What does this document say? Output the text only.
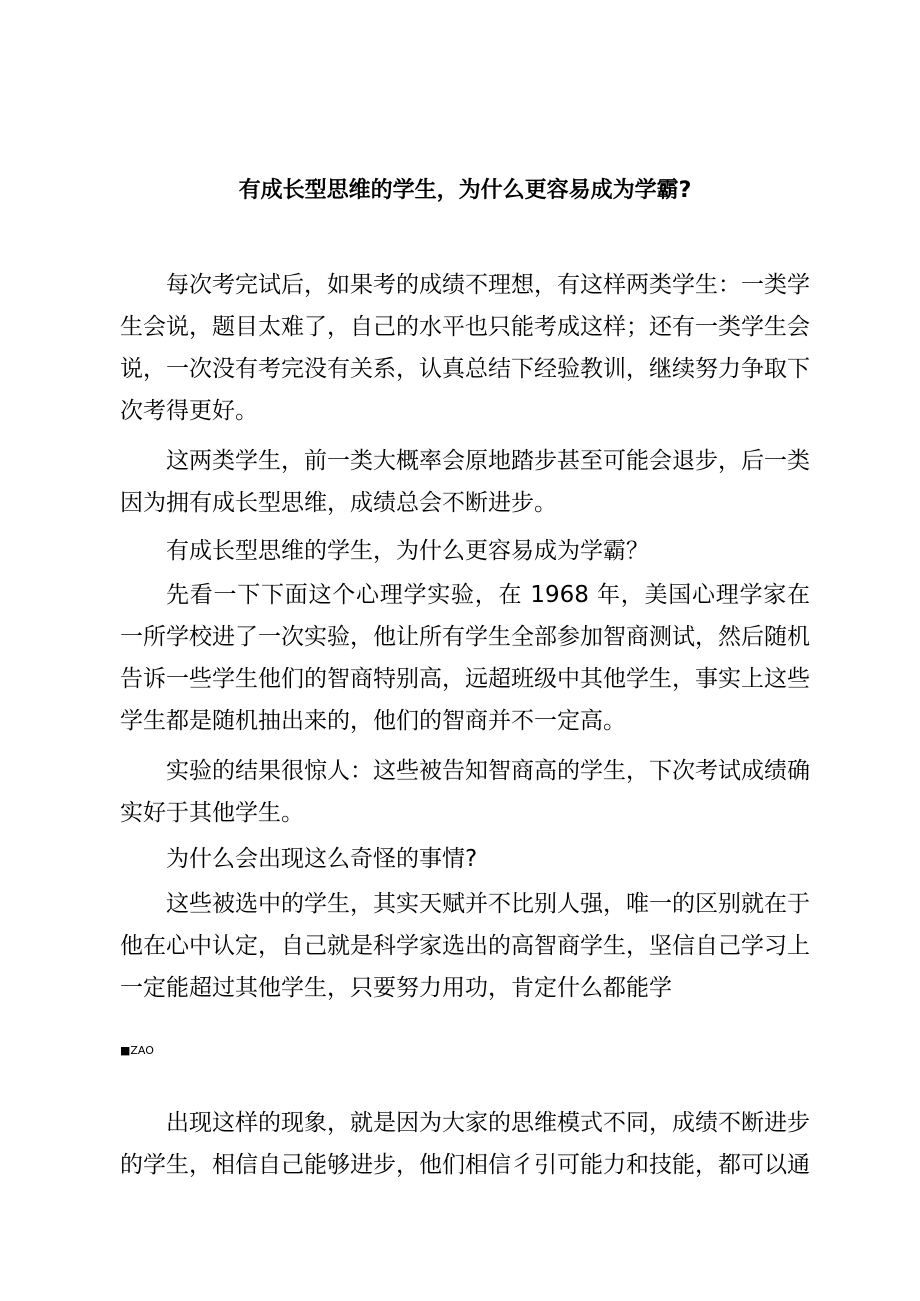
有成长型思维的学生，为什么更容易成为学霸?

每次考完试后，如果考的成绩不理想，有这样两类学生：一类学生会说，题目太难了，自己的水平也只能考成这样；还有一类学生会说，一次没有考完没有关系，认真总结下经验教训，继续努力争取下次考得更好。

这两类学生，前一类大概率会原地踏步甚至可能会退步，后一类因为拥有成长型思维，成绩总会不断进步。

有成长型思维的学生，为什么更容易成为学霸？

先看一下下面这个心理学实验，在 1968 年，美国心理学家在一所学校进了一次实验，他让所有学生全部参加智商测试，然后随机告诉一些学生他们的智商特别高，远超班级中其他学生，事实上这些学生都是随机抽出来的，他们的智商并不一定高。

实验的结果很惊人：这些被告知智商高的学生，下次考试成绩确实好于其他学生。

为什么会出现这么奇怪的事情?

这些被选中的学生，其实天赋并不比别人强，唯一的区别就在于他在心中认定，自己就是科学家选出的高智商学生，坚信自己学习上一定能超过其他学生，只要努力用功，肯定什么都能学

■ZAO

出现这样的现象，就是因为大家的思维模式不同，成绩不断进步的学生，相信自己能够进步，他们相信彳引可能力和技能，都可以通
